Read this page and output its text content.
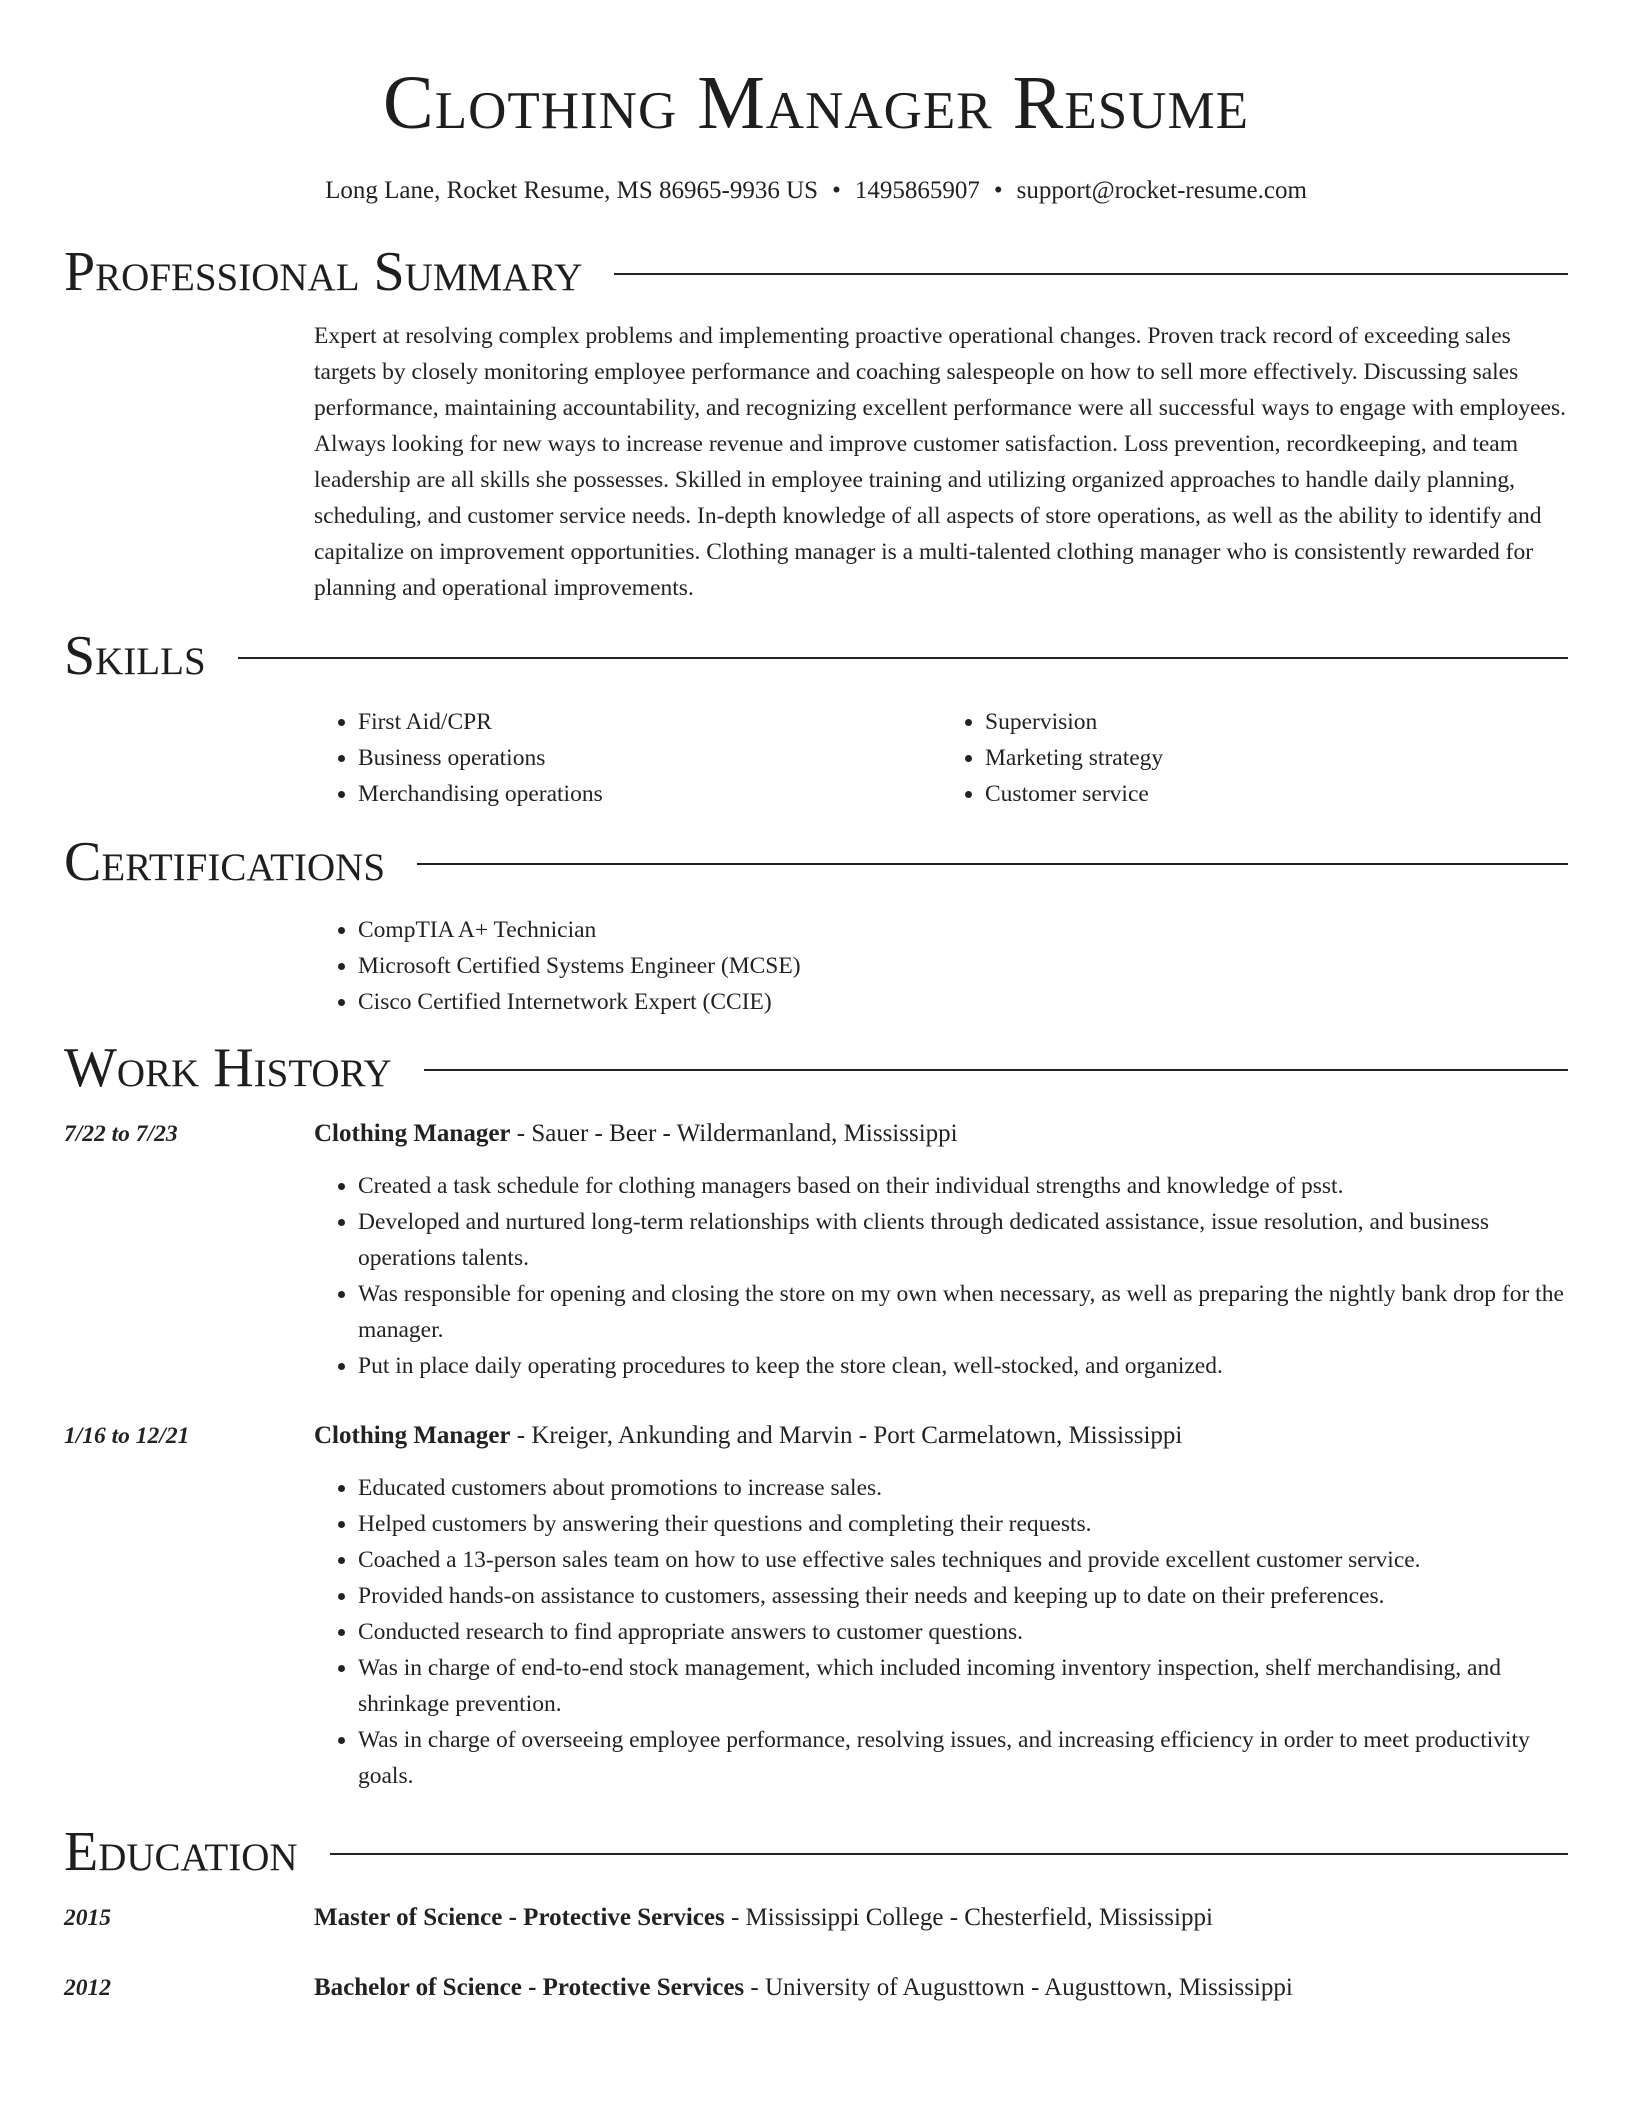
Clothing Manager Resume
Long Lane, Rocket Resume, MS 86965-9936 US • 1495865907 • support@rocket-resume.com
Professional Summary
Expert at resolving complex problems and implementing proactive operational changes. Proven track record of exceeding sales targets by closely monitoring employee performance and coaching salespeople on how to sell more effectively. Discussing sales performance, maintaining accountability, and recognizing excellent performance were all successful ways to engage with employees. Always looking for new ways to increase revenue and improve customer satisfaction. Loss prevention, recordkeeping, and team leadership are all skills she possesses. Skilled in employee training and utilizing organized approaches to handle daily planning, scheduling, and customer service needs. In-depth knowledge of all aspects of store operations, as well as the ability to identify and capitalize on improvement opportunities. Clothing manager is a multi-talented clothing manager who is consistently rewarded for planning and operational improvements.
Skills
• First Aid/CPR
• Business operations
• Merchandising operations
• Supervision
• Marketing strategy
• Customer service
Certifications
• CompTIA A+ Technician
• Microsoft Certified Systems Engineer (MCSE)
• Cisco Certified Internetwork Expert (CCIE)
Work History
7/22 to 7/23	Clothing Manager - Sauer - Beer - Wildermanland, Mississippi
• Created a task schedule for clothing managers based on their individual strengths and knowledge of psst.
• Developed and nurtured long-term relationships with clients through dedicated assistance, issue resolution, and business operations talents.
• Was responsible for opening and closing the store on my own when necessary, as well as preparing the nightly bank drop for the manager.
• Put in place daily operating procedures to keep the store clean, well-stocked, and organized.
1/16 to 12/21	Clothing Manager - Kreiger, Ankunding and Marvin - Port Carmelatown, Mississippi
• Educated customers about promotions to increase sales.
• Helped customers by answering their questions and completing their requests.
• Coached a 13-person sales team on how to use effective sales techniques and provide excellent customer service.
• Provided hands-on assistance to customers, assessing their needs and keeping up to date on their preferences.
• Conducted research to find appropriate answers to customer questions.
• Was in charge of end-to-end stock management, which included incoming inventory inspection, shelf merchandising, and shrinkage prevention.
• Was in charge of overseeing employee performance, resolving issues, and increasing efficiency in order to meet productivity goals.
Education
2015	Master of Science - Protective Services - Mississippi College - Chesterfield, Mississippi
2012	Bachelor of Science - Protective Services - University of Augusttown - Augusttown, Mississippi
